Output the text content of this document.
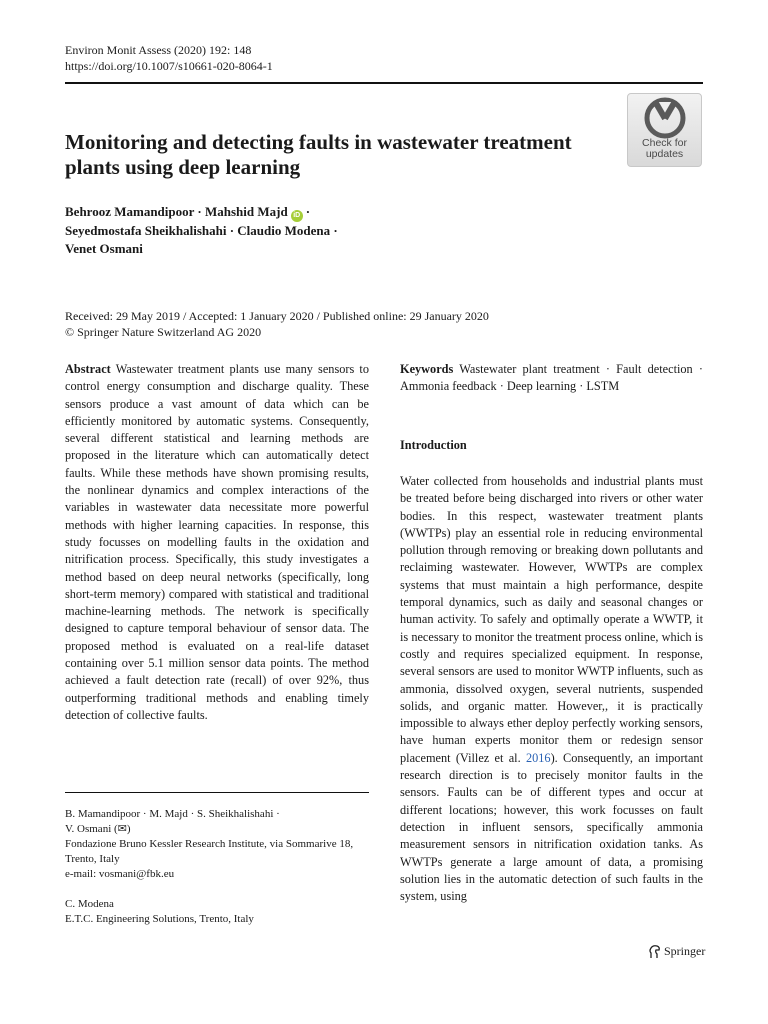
Environ Monit Assess (2020) 192: 148
https://doi.org/10.1007/s10661-020-8064-1
Check for
updates
Monitoring and detecting faults in wastewater treatment plants using deep learning
Behrooz Mamandipoor · Mahshid Majd iD ·
Seyedmostafa Sheikhalishahi · Claudio Modena ·
Venet Osmani
Received: 29 May 2019 / Accepted: 1 January 2020 / Published online: 29 January 2020
© Springer Nature Switzerland AG 2020
Abstract Wastewater treatment plants use many sensors to control energy consumption and discharge quality. These sensors produce a vast amount of data which can be efficiently monitored by automatic systems. Consequently, several different statistical and learning methods are proposed in the literature which can automatically detect faults. While these methods have shown promising results, the nonlinear dynamics and complex interactions of the variables in wastewater data necessitate more powerful methods with higher learning capacities. In response, this study focusses on modelling faults in the oxidation and nitrification process. Specifically, this study investigates a method based on deep neural networks (specifically, long short-term memory) compared with statistical and traditional machine-learning methods. The network is specifically designed to capture temporal behaviour of sensor data. The proposed method is evaluated on a real-life dataset containing over 5.1 million sensor data points. The method achieved a fault detection rate (recall) of over 92%, thus outperforming traditional methods and enabling timely detection of collective faults.
Keywords Wastewater plant treatment · Fault detection · Ammonia feedback · Deep learning · LSTM
Introduction
Water collected from households and industrial plants must be treated before being discharged into rivers or other water bodies. In this respect, wastewater treatment plants (WWTPs) play an essential role in reducing environmental pollution through removing or breaking down pollutants and reclaiming wastewater. However, WWTPs are complex systems that must maintain a high performance, despite temporal dynamics, such as daily and seasonal changes or human activity. To safely and optimally operate a WWTP, it is necessary to monitor the treatment process online, which is costly and requires specialized equipment. In response, several sensors are used to monitor WWTP influents, such as ammonia, dissolved oxygen, several nutrients, suspended solids, and organic matter. However,, it is practically impossible to always ether deploy perfectly working sensors, have human experts monitor them or redesign sensor placement (Villez et al. 2016). Consequently, an important research direction is to precisely monitor faults in the sensors. Faults can be of different types and occur at different locations; however, this work focusses on fault detection in influent sensors, specifically ammonia measurement sensors in nitrification oxidation tanks. As WWTPs generate a large amount of data, a promising solution lies in the automatic detection of such faults in the system, using
B. Mamandipoor · M. Majd · S. Sheikhalishahi ·
V. Osmani (✉)
Fondazione Bruno Kessler Research Institute, via Sommarive 18,
Trento, Italy
e-mail: vosmani@fbk.eu
C. Modena
E.T.C. Engineering Solutions, Trento, Italy
Springer
